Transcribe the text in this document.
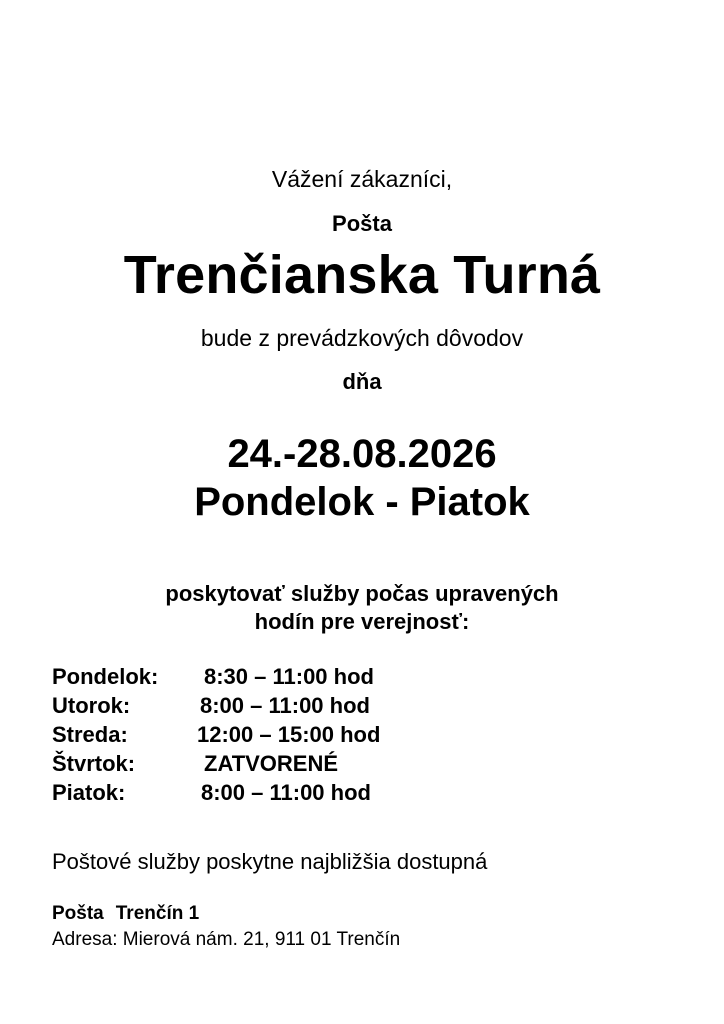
Vážení zákazníci,
Pošta
Trenčianska Turná
bude z prevádzkových dôvodov
dňa
24.-28.08.2026
Pondelok - Piatok
poskytovať služby počas upravených
hodín pre verejnosť:
Pondelok: 8:30 – 11:00 hod
Utorok:	8:00 – 11:00 hod
Streda:	12:00 – 15:00 hod
Štvrtok:	ZATVORENÉ
Piatok:	8:00 – 11:00 hod
Poštové služby poskytne najbližšia dostupná
Pošta Trenčín 1
Adresa: Mierová nám. 21, 911 01 Trenčín
